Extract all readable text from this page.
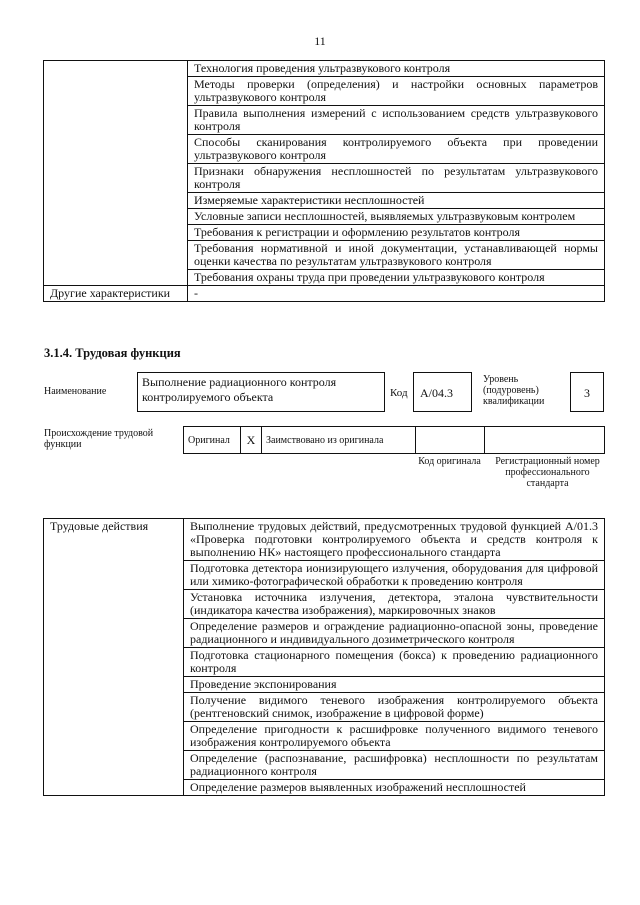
11
	Технология проведения ультразвукового контроля
	Методы проверки (определения) и настройки основных параметров ультразвукового контроля
	Правила выполнения измерений с использованием средств ультразвукового контроля
	Способы сканирования контролируемого объекта при проведении ультразвукового контроля
	Признаки обнаружения несплошностей по результатам ультразвукового контроля
	Измеряемые характеристики несплошностей
	Условные записи несплошностей, выявляемых ультразвуковым контролем
	Требования к регистрации и оформлению результатов контроля
	Требования нормативной и иной документации, устанавливающей нормы оценки качества по результатам ультразвукового контроля
	Требования охраны труда при проведении ультразвукового контроля
Другие характеристики	-
3.1.4. Трудовая функция
Наименование
Выполнение радиационного контроля контролируемого объекта	Код	А/04.3
Уровень (подуровень) квалификации
3
Происхождение трудовой функции	Оригинал	X	Заимствовано из оригинала		
Код оригинала	Регистрационный номер профессионального стандарта
Трудовые действия	Выполнение трудовых действий, предусмотренных трудовой функцией А/01.3 «Проверка подготовки контролируемого объекта и средств контроля к выполнению НК» настоящего профессионального стандарта
Подготовка детектора ионизирующего излучения, оборудования для цифровой или химико-фотографической обработки к проведению контроля
Установка источника излучения, детектора, эталона чувствительности (индикатора качества изображения), маркировочных знаков
Определение размеров и ограждение радиационно-опасной зоны, проведение радиационного и индивидуального дозиметрического контроля
Подготовка стационарного помещения (бокса) к проведению радиационного контроля
Проведение экспонирования
Получение видимого теневого изображения контролируемого объекта (рентгеновский снимок, изображение в цифровой форме)
Определение пригодности к расшифровке полученного видимого теневого изображения контролируемого объекта
Определение (распознавание, расшифровка) несплошности по результатам радиационного контроля
Определение размеров выявленных изображений несплошностей
